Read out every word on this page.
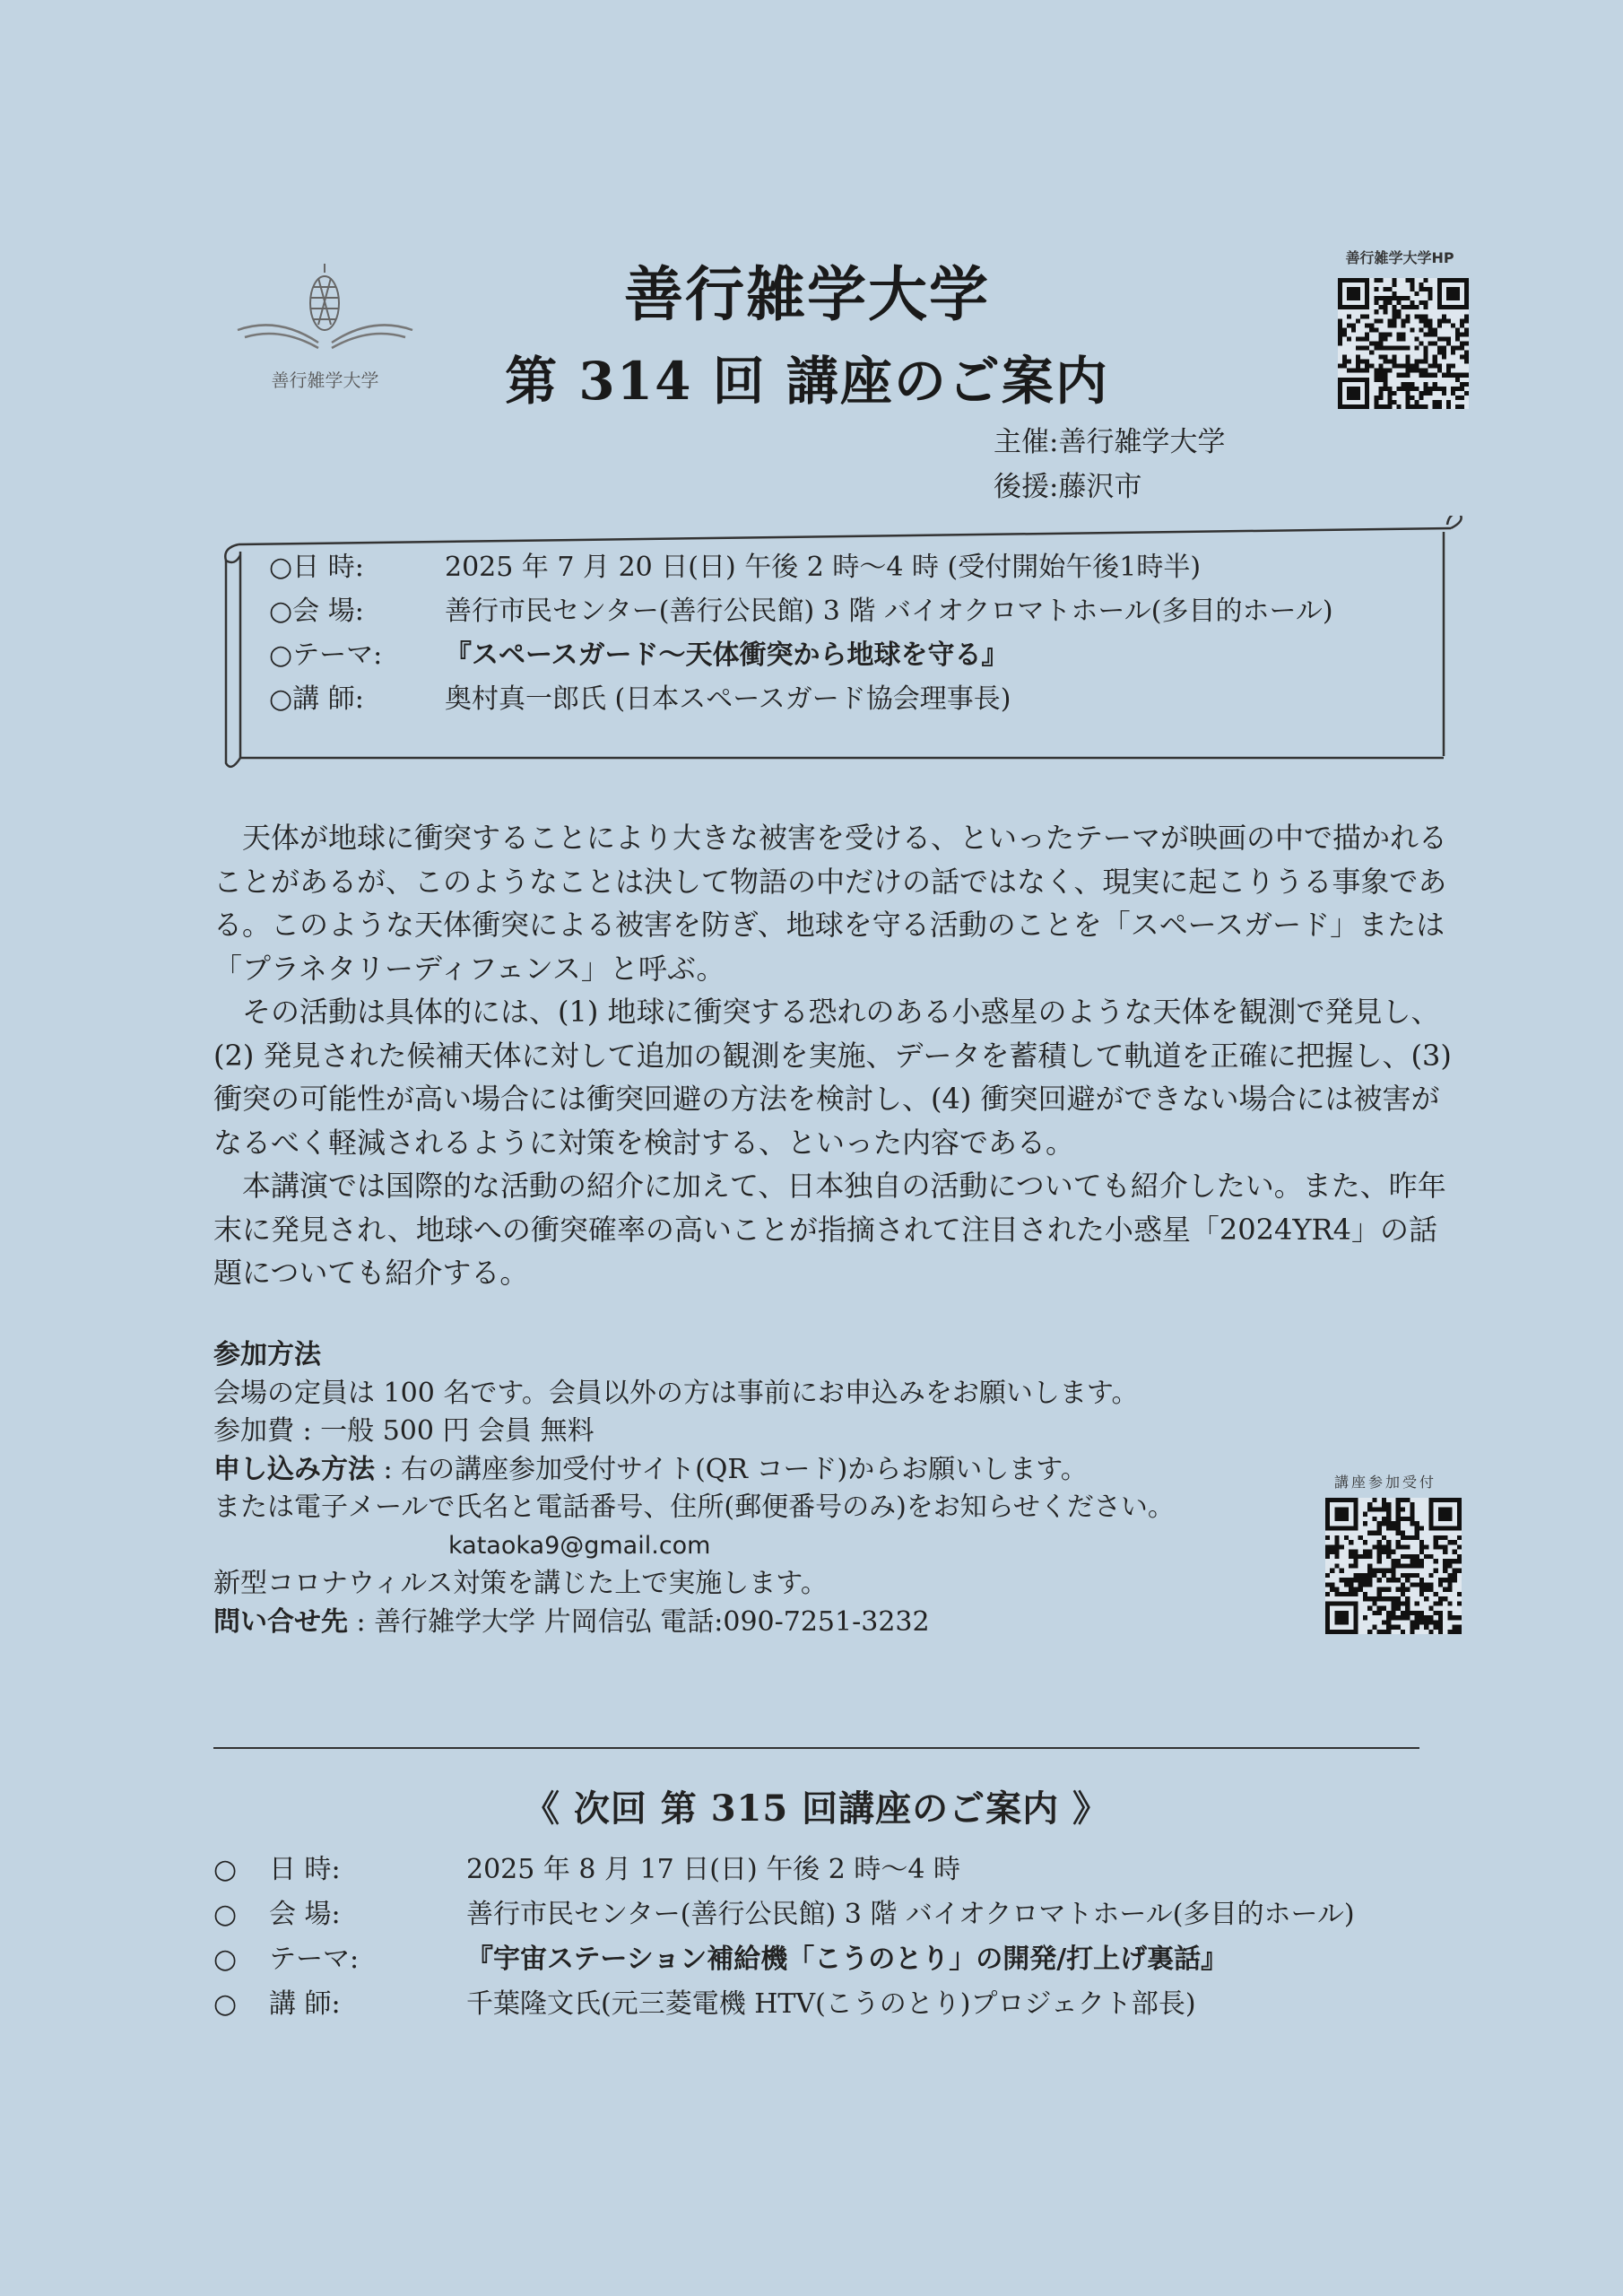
善行雑学大学
善行雑学大学
第 314 回 講座のご案内
善行雑学大学HP
主催:善行雑学大学
後援:藤沢市
○日 時:	2025 年 7 月 20 日(日) 午後 2 時〜4 時 (受付開始午後1時半)
○会 場:	善行市民センター(善行公民館) 3 階 バイオクロマトホール(多目的ホール)
○テーマ:	『スペースガード〜天体衝突から地球を守る』
○講 師:	奥村真一郎氏 (日本スペースガード協会理事長)

天体が地球に衝突することにより大きな被害を受ける、といったテーマが映画の中で描かれることがあるが、このようなことは決して物語の中だけの話ではなく、現実に起こりうる事象である。このような天体衝突による被害を防ぎ、地球を守る活動のことを「スペースガード」または「プラネタリーディフェンス」と呼ぶ。

その活動は具体的には、(1) 地球に衝突する恐れのある小惑星のような天体を観測で発見し、(2) 発見された候補天体に対して追加の観測を実施、データを蓄積して軌道を正確に把握し、(3) 衝突の可能性が高い場合には衝突回避の方法を検討し、(4) 衝突回避ができない場合には被害がなるべく軽減されるように対策を検討する、といった内容である。

本講演では国際的な活動の紹介に加えて、日本独自の活動についても紹介したい。また、昨年末に発見され、地球への衝突確率の高いことが指摘されて注目された小惑星「2024YR4」の話題についても紹介する。

参加方法
会場の定員は 100 名です。会員以外の方は事前にお申込みをお願いします。
参加費 : 一般 500 円 会員 無料
申し込み方法 : 右の講座参加受付サイト(QR コード)からお願いします。
または電子メールで氏名と電話番号、住所(郵便番号のみ)をお知らせください。
kataoka9@gmail.com
新型コロナウィルス対策を講じた上で実施します。
問い合せ先 : 善行雑学大学 片岡信弘 電話:090-7251-3232
講座参加受付
《 次回 第 315 回講座のご案内 》
○	日 時:	2025 年 8 月 17 日(日) 午後 2 時〜4 時
○	会 場:	善行市民センター(善行公民館) 3 階 バイオクロマトホール(多目的ホール)
○	テーマ:	『宇宙ステーション補給機「こうのとり」の開発/打上げ裏話』
○	講 師:	千葉隆文氏(元三菱電機 HTV(こうのとり)プロジェクト部長)
